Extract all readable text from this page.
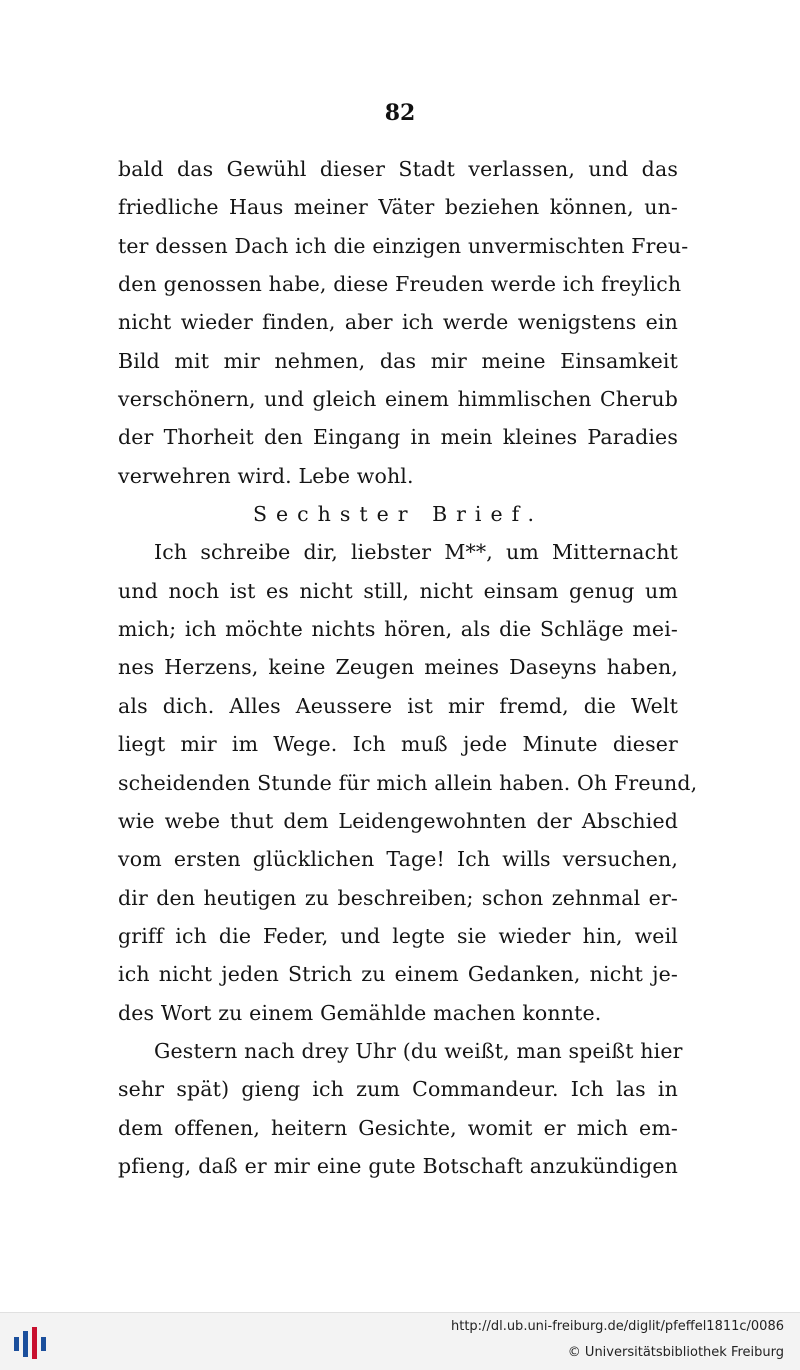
82
bald das Gewühl dieser Stadt verlassen, und das
friedliche Haus meiner Väter beziehen können, un-
ter dessen Dach ich die einzigen unvermischten Freu-
den genossen habe, diese Freuden werde ich freylich
nicht wieder finden, aber ich werde wenigstens ein
Bild mit mir nehmen, das mir meine Einsamkeit
verschönern, und gleich einem himmlischen Cherub
der Thorheit den Eingang in mein kleines Paradies
verwehren wird. Lebe wohl.
Sechster Brief.
Ich schreibe dir, liebster M**, um Mitternacht
und noch ist es nicht still, nicht einsam genug um
mich; ich möchte nichts hören, als die Schläge mei-
nes Herzens, keine Zeugen meines Daseyns haben,
als dich. Alles Aeussere ist mir fremd, die Welt
liegt mir im Wege. Ich muß jede Minute dieser
scheidenden Stunde für mich allein haben. Oh Freund,
wie webe thut dem Leidengewohnten der Abschied
vom ersten glücklichen Tage! Ich wills versuchen,
dir den heutigen zu beschreiben; schon zehnmal er-
griff ich die Feder, und legte sie wieder hin, weil
ich nicht jeden Strich zu einem Gedanken, nicht je-
des Wort zu einem Gemählde machen konnte.
Gestern nach drey Uhr (du weißt, man speißt hier
sehr spät) gieng ich zum Commandeur. Ich las in
dem offenen, heitern Gesichte, womit er mich em-
pfieng, daß er mir eine gute Botschaft anzukündigen
http://dl.ub.uni-freiburg.de/diglit/pfeffel1811c/0086
© Universitätsbibliothek Freiburg
